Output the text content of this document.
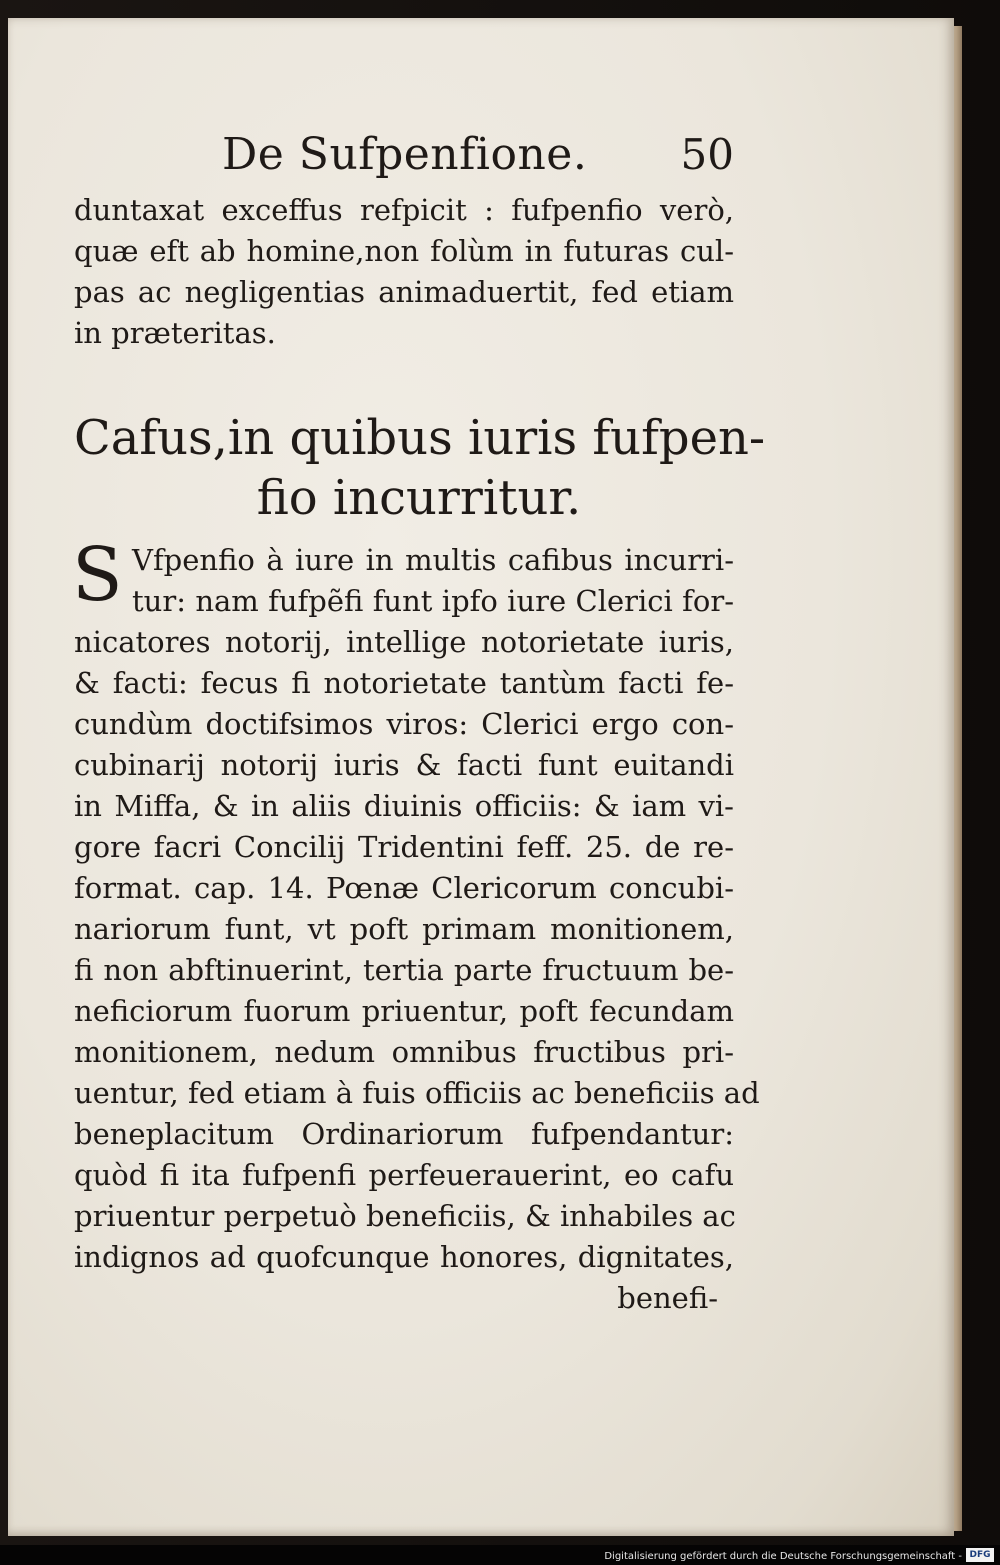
De Sufpenfione. 50
duntaxat exceffus refpicit : fufpenfio verò,
quæ eft ab homine,non folùm in futuras cul-
pas ac negligentias animaduertit, fed etiam
in præteritas.
Cafus,in quibus iuris fufpen-
fio incurritur.
S Vfpenfio à iure in multis cafibus incurri-
tur: nam fufpẽfi funt ipfo iure Clerici for-
nicatores notorij, intellige notorietate iuris,
& facti: fecus fi notorietate tantùm facti fe-
cundùm doctifsimos viros: Clerici ergo con-
cubinarij notorij iuris & facti funt euitandi
in Miffa, & in aliis diuinis officiis: & iam vi-
gore facri Concilij Tridentini feff. 25. de re-
format. cap. 14. Pœnæ Clericorum concubi-
nariorum funt, vt poft primam monitionem,
fi non abftinuerint, tertia parte fructuum be-
neficiorum fuorum priuentur, poft fecundam
monitionem, nedum omnibus fructibus pri-
uentur, fed etiam à fuis officiis ac beneficiis ad
beneplacitum Ordinariorum fufpendantur:
quòd fi ita fufpenfi perfeuerauerint, eo cafu
priuentur perpetuò beneficiis, & inhabiles ac
indignos ad quofcunque honores, dignitates,
benefi-
Digitalisierung gefördert durch die Deutsche Forschungsgemeinschaft - DFG
